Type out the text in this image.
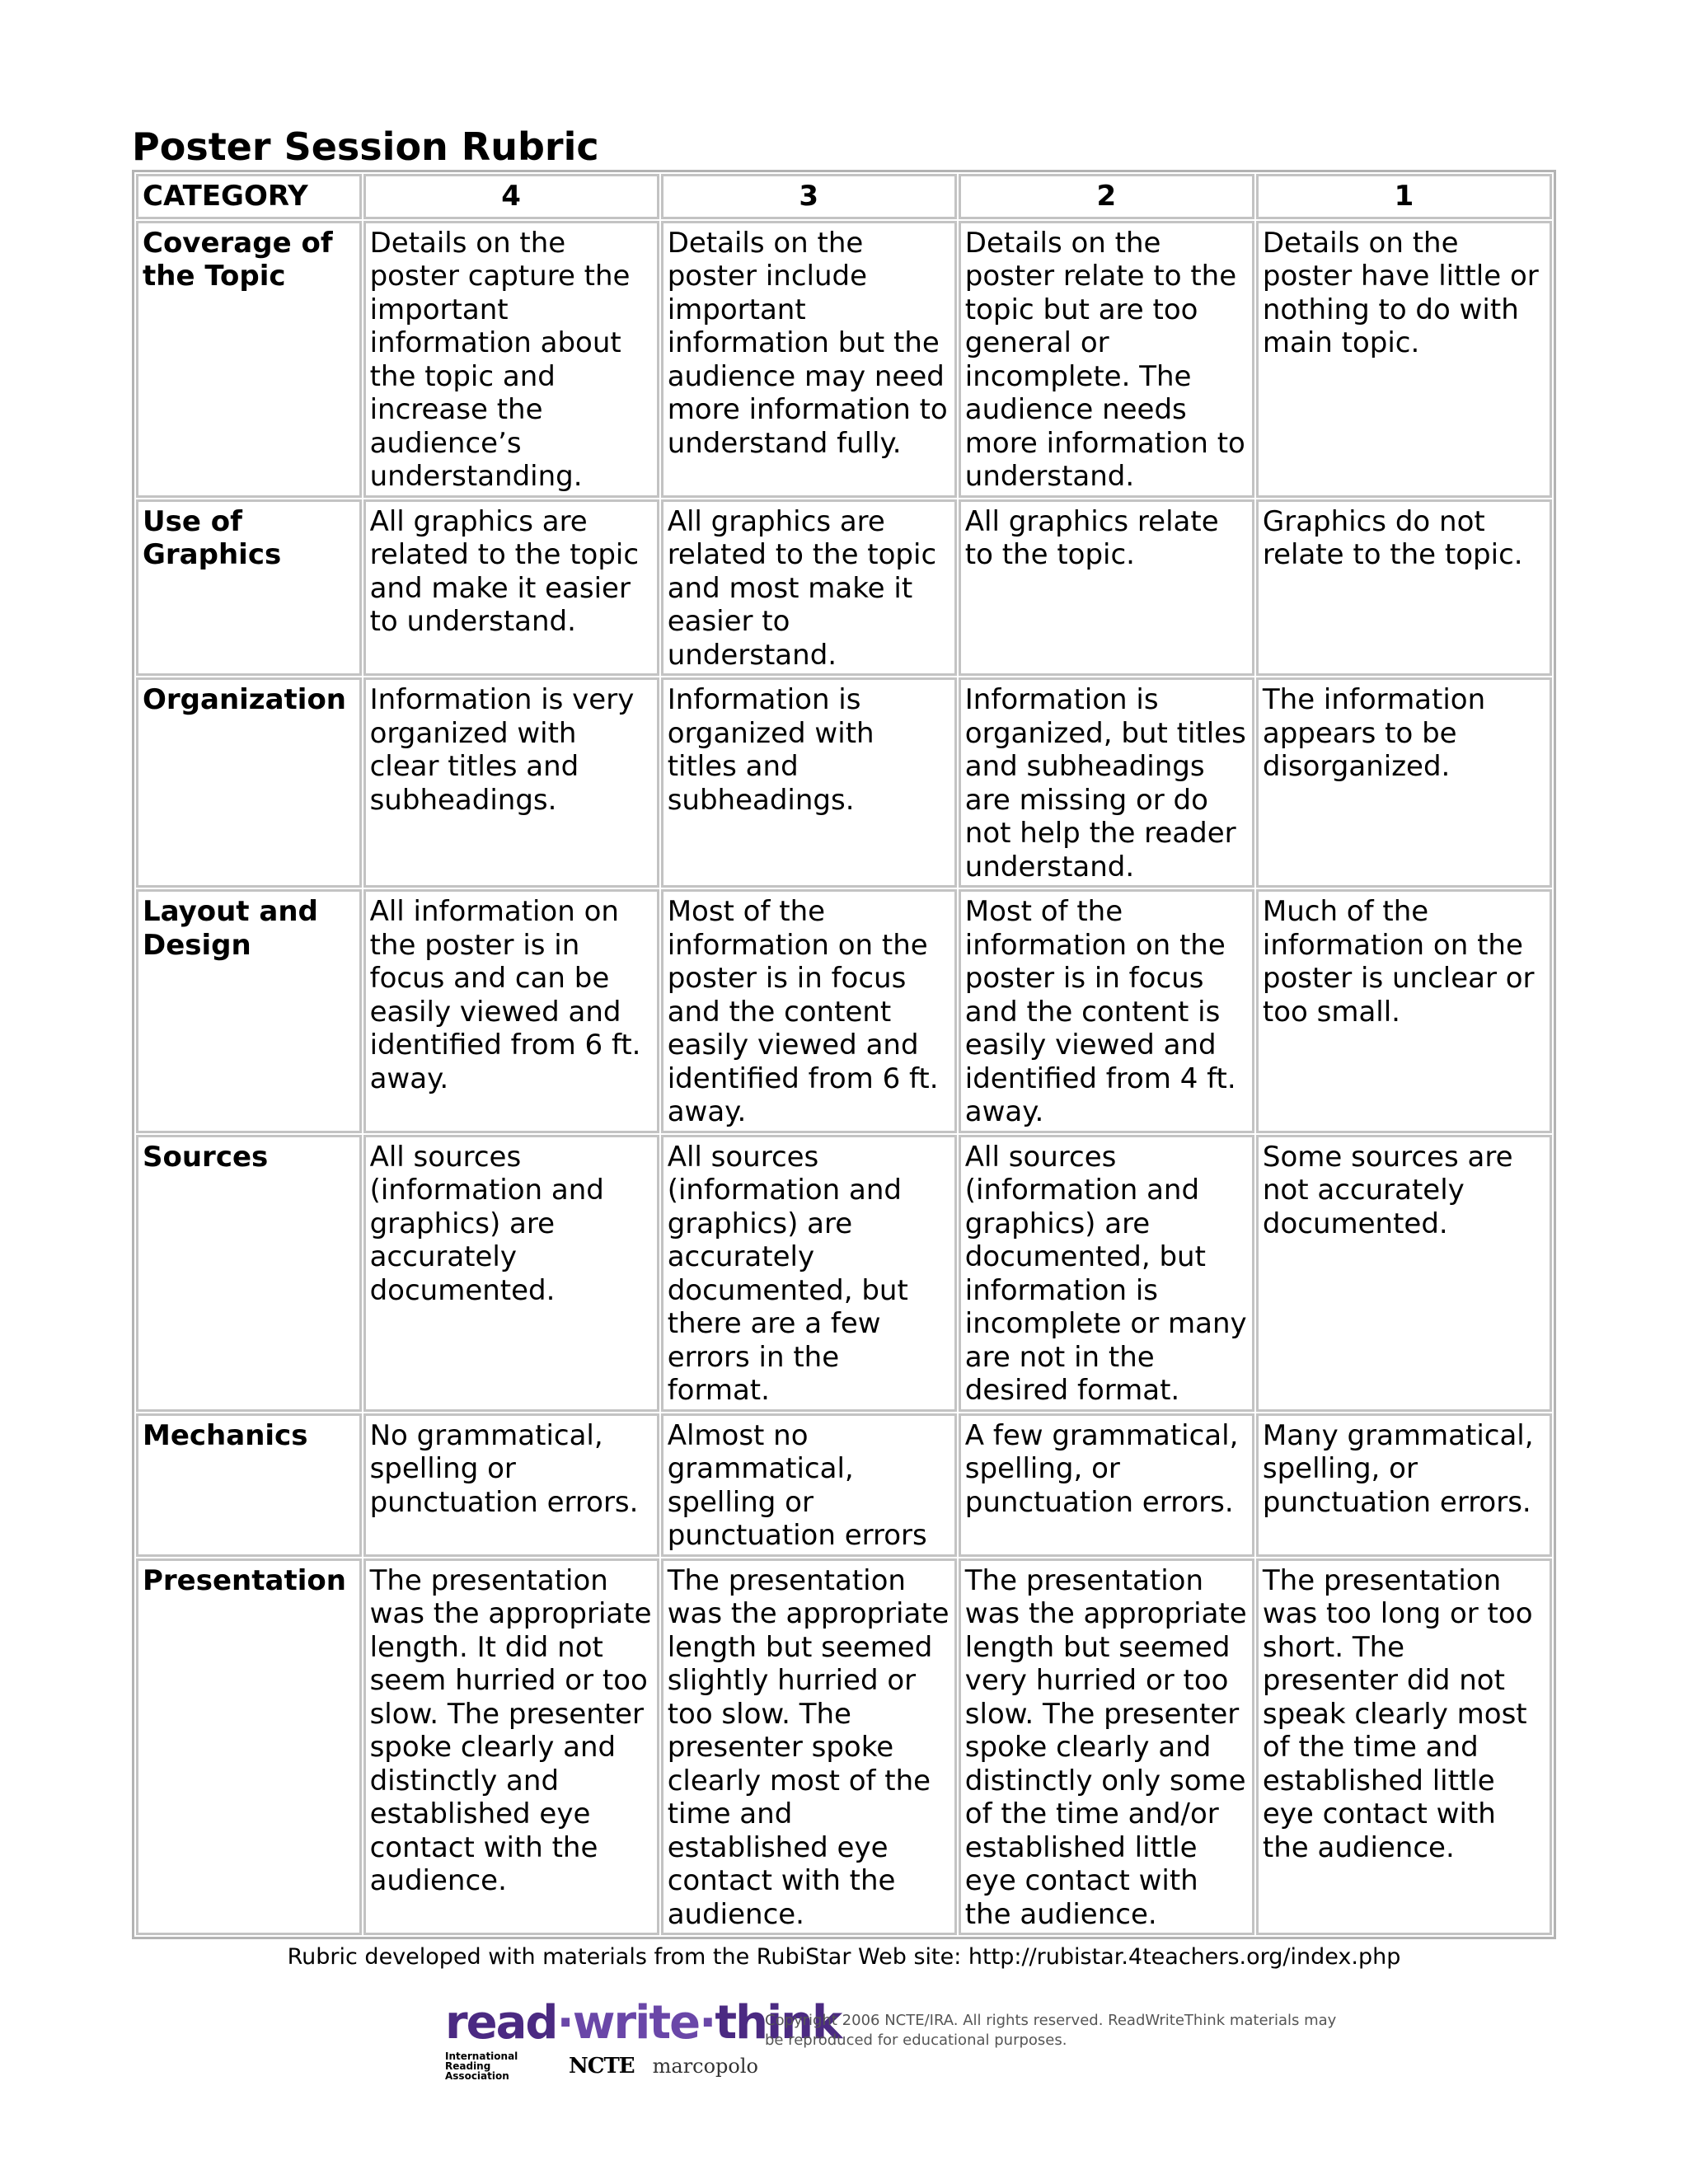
Poster Session Rubric
CATEGORY	4	3	2	1
Coverage of the Topic	Details on the poster capture the important information about the topic and increase the audience’s understanding.	Details on the poster include important information but the audience may need more information to understand fully.	Details on the poster relate to the topic but are too general or incomplete. The audience needs more information to understand.	Details on the poster have little or nothing to do with main topic.
Use of Graphics	All graphics are related to the topic and make it easier to understand.	All graphics are related to the topic and most make it easier to understand.	All graphics relate to the topic.	Graphics do not relate to the topic.
Organization	Information is very organized with clear titles and subheadings.	Information is organized with titles and subheadings.	Information is organized, but titles and subheadings are missing or do not help the reader understand.	The information appears to be disorganized.
Layout and Design	All information on the poster is in focus and can be easily viewed and identified from 6 ft. away.	Most of the information on the poster is in focus and the content easily viewed and identified from 6 ft. away.	Most of the information on the poster is in focus and the content is easily viewed and identified from 4 ft. away.	Much of the information on the poster is unclear or too small.
Sources	All sources (information and graphics) are accurately documented.	All sources (information and graphics) are accurately documented, but there are a few errors in the format.	All sources (information and graphics) are documented, but information is incomplete or many are not in the desired format.	Some sources are not accurately documented.
Mechanics	No grammatical, spelling or punctuation errors.	Almost no grammatical, spelling or punctuation errors	A few grammatical, spelling, or punctuation errors.	Many grammatical, spelling, or punctuation errors.
Presentation	The presentation was the appropriate length. It did not seem hurried or too slow. The presenter spoke clearly and distinctly and established eye contact with the audience.	The presentation was the appropriate length but seemed slightly hurried or too slow. The presenter spoke clearly most of the time and established eye contact with the audience.	The presentation was the appropriate length but seemed very hurried or too slow. The presenter spoke clearly and distinctly only some of the time and/or established little eye contact with the audience.	The presentation was too long or too short. The presenter did not speak clearly most of the time and established little eye contact with the audience.
Rubric developed with materials from the RubiStar Web site: http://rubistar.4teachers.org/index.php
read·write·think
International Reading Association	NCTE marcopolo
Copyright 2006 NCTE/IRA. All rights reserved. ReadWriteThink materials may be reproduced for educational purposes.
